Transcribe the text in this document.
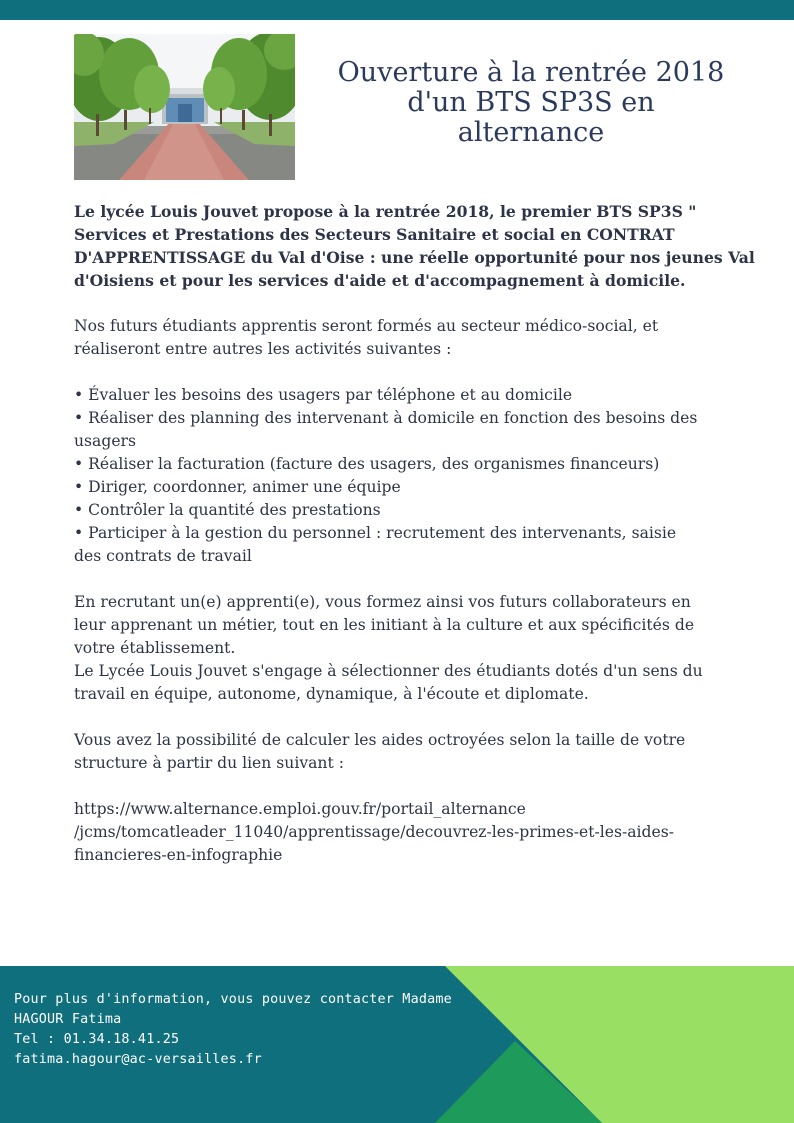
Ouverture à la rentrée 2018
d'un BTS SP3S en
alternance

Le lycée Louis Jouvet propose à la rentrée 2018, le premier BTS SP3S "
Services et Prestations des Secteurs Sanitaire et social en CONTRAT
D'APPRENTISSAGE du Val d'Oise : une réelle opportunité pour nos jeunes Val
d'Oisiens et pour les services d'aide et d'accompagnement à domicile.

Nos futurs étudiants apprentis seront formés au secteur médico-social, et
réaliseront entre autres les activités suivantes :

• Évaluer les besoins des usagers par téléphone et au domicile
• Réaliser des planning des intervenant à domicile en fonction des besoins des
usagers
• Réaliser la facturation (facture des usagers, des organismes financeurs)
• Diriger, coordonner, animer une équipe
• Contrôler la quantité des prestations
• Participer à la gestion du personnel : recrutement des intervenants, saisie
des contrats de travail

En recrutant un(e) apprenti(e), vous formez ainsi vos futurs collaborateurs en
leur apprenant un métier, tout en les initiant à la culture et aux spécificités de
votre établissement.
Le Lycée Louis Jouvet s'engage à sélectionner des étudiants dotés d'un sens du
travail en équipe, autonome, dynamique, à l'écoute et diplomate.

Vous avez la possibilité de calculer les aides octroyées selon la taille de votre
structure à partir du lien suivant :

https://www.alternance.emploi.gouv.fr/portail_alternance
/jcms/tomcatleader_11040/apprentissage/decouvrez-les-primes-et-les-aides-
financieres-en-infographie

Pour plus d'information, vous pouvez contacter Madame
HAGOUR Fatima
Tel : 01.34.18.41.25
fatima.hagour@ac-versailles.fr
